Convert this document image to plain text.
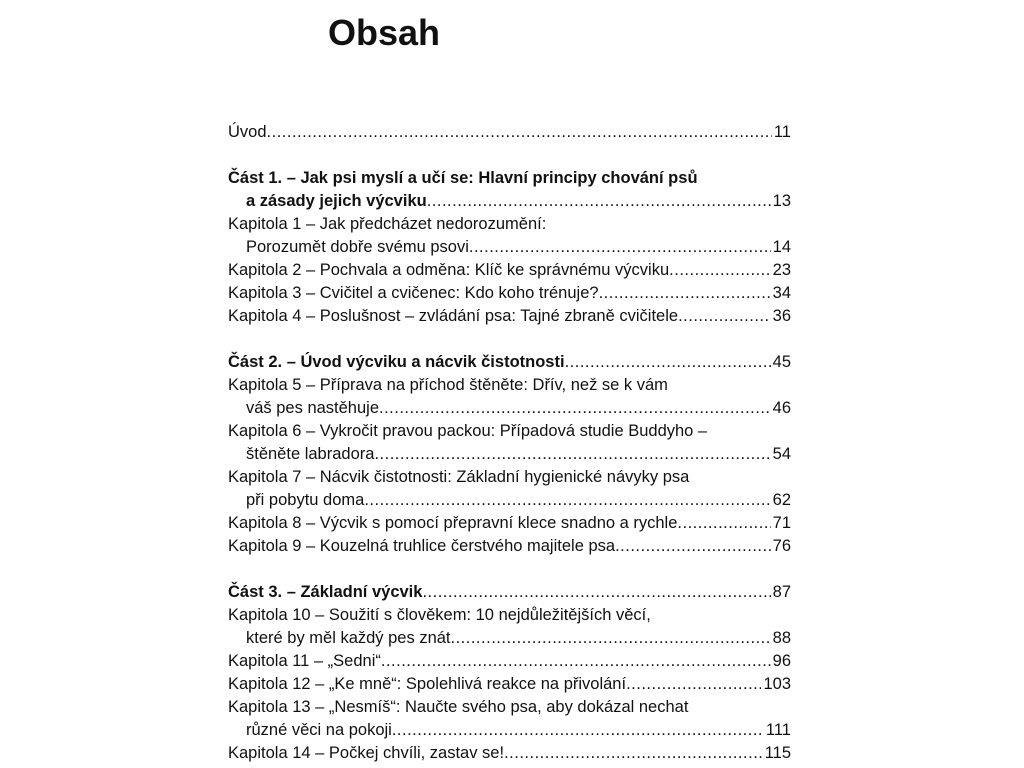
Obsah
Úvod .....	11
Část 1. – Jak psi myslí a učí se: Hlavní principy chování psů
a zásady jejich výcviku .....	13
Kapitola 1 – Jak předcházet nedorozumění:
Porozumět dobře svému psovi .....	14
Kapitola 2 – Pochvala a odměna: Klíč ke správnému výcviku .....	23
Kapitola 3 – Cvičitel a cvičenec: Kdo koho trénuje? .....	34
Kapitola 4 – Poslušnost – zvládání psa: Tajné zbraně cvičitele .....	36
Část 2. – Úvod výcviku a nácvik čistotnosti .....	45
Kapitola 5 – Příprava na příchod štěněte: Dřív, než se k vám
váš pes nastěhuje .....	46
Kapitola 6 – Vykročit pravou packou: Případová studie Buddyho –
štěněte labradora .....	54
Kapitola 7 – Nácvik čistotnosti: Základní hygienické návyky psa
při pobytu doma .....	62
Kapitola 8 – Výcvik s pomocí přepravní klece snadno a rychle .....	71
Kapitola 9 – Kouzelná truhlice čerstvého majitele psa .....	76
Část 3. – Základní výcvik .....	87
Kapitola 10 – Soužití s člověkem: 10 nejdůležitějších věcí,
které by měl každý pes znát .....	88
Kapitola 11 – „Sedni“ .....	96
Kapitola 12 – „Ke mně“: Spolehlivá reakce na přivolání .....	103
Kapitola 13 – „Nesmíš“: Naučte svého psa, aby dokázal nechat
různé věci na pokoji .....	111
Kapitola 14 – Počkej chvíli, zastav se! .....	115
